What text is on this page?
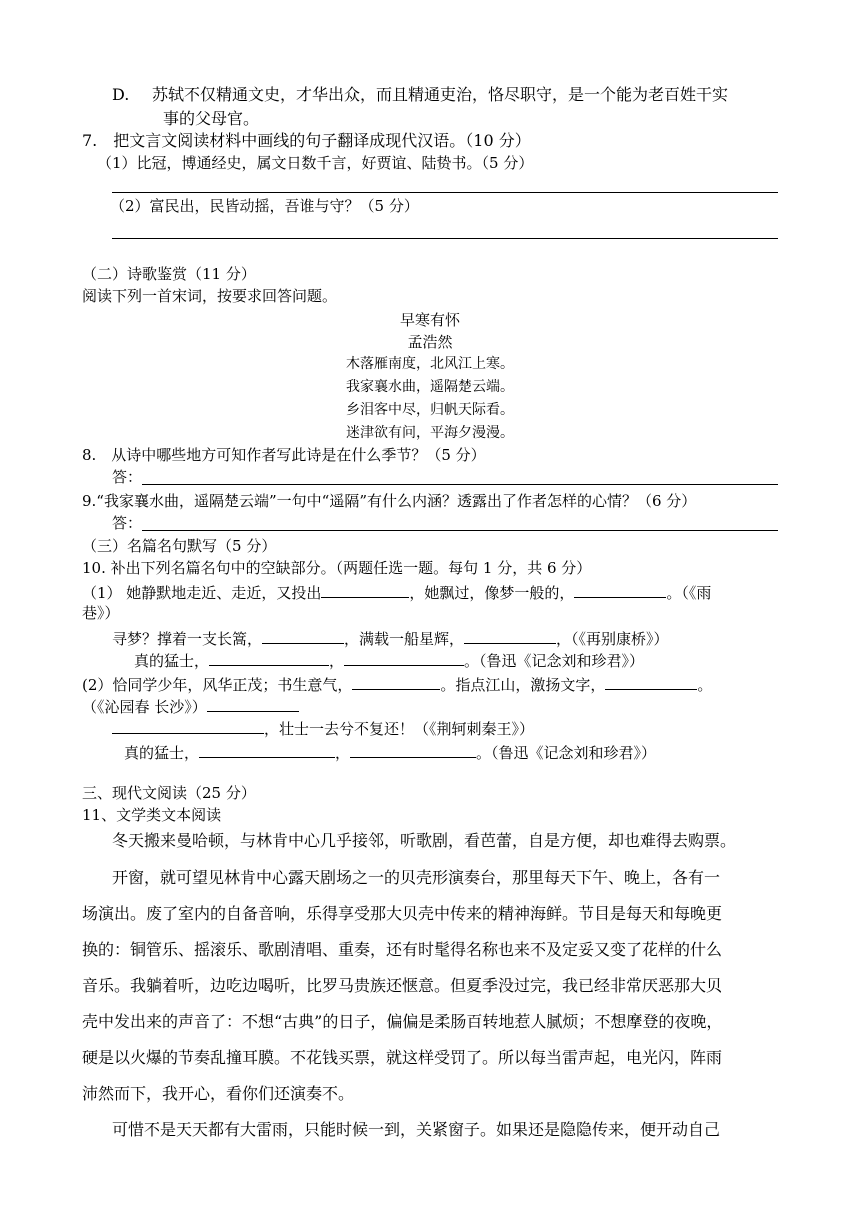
D. 苏轼不仅精通文史，才华出众，而且精通吏治，恪尽职守，是一个能为老百姓干实
事的父母官。
7.　把文言文阅读材料中画线的句子翻译成现代汉语。（10 分）
（1）比冠，博通经史，属文日数千言，好贾谊、陆贽书。（5 分）
（2）富民出，民皆动摇，吾谁与守？（5 分）
（二）诗歌鉴赏（11 分）
阅读下列一首宋词，按要求回答问题。
早寒有怀
孟浩然
木落雁南度，北风江上寒。
我家襄水曲，遥隔楚云端。
乡泪客中尽，归帆天际看。
迷津欲有问，平海夕漫漫。
8.　从诗中哪些地方可知作者写此诗是在什么季节？（5 分）
答：
9.“我家襄水曲，遥隔楚云端”一句中“遥隔”有什么内涵？透露出了作者怎样的心情？（6 分）
答：
（三）名篇名句默写（5 分）
10. 补出下列名篇名句中的空缺部分。（两题任选一题。每句 1 分，共 6 分）
（1） 她静默地走近、走近，又投出	，她飘过，像梦一般的，	。（《雨
巷》）
寻梦？撑着一支长篙，	，满载一船星辉，	，（《再别康桥》）
真的猛士，	，	。（鲁迅《记念刘和珍君》）
(2）恰同学少年，风华正茂；书生意气，	。指点江山，激扬文字，	。
（《沁园春 长沙》）
，壮士一去兮不复还！（《荆轲刺秦王》）
真的猛士，	，	。（鲁迅《记念刘和珍君》）
三、现代文阅读（25 分）
11、文学类文本阅读
冬天搬来曼哈顿，与林肯中心几乎接邻，听歌剧，看芭蕾，自是方便，却也难得去购票。
开窗，就可望见林肯中心露天剧场之一的贝壳形演奏台，那里每天下午、晚上，各有一
场演出。废了室内的自备音响，乐得享受那大贝壳中传来的精神海鲜。节目是每天和每晚更
换的：铜管乐、摇滚乐、歌剧清唱、重奏，还有时髦得名称也来不及定妥又变了花样的什么
音乐。我躺着听，边吃边喝听，比罗马贵族还惬意。但夏季没过完，我已经非常厌恶那大贝
壳中发出来的声音了：不想“古典”的日子，偏偏是柔肠百转地惹人腻烦；不想摩登的夜晚，
硬是以火爆的节奏乱撞耳膜。不花钱买票，就这样受罚了。所以每当雷声起，电光闪，阵雨
沛然而下，我开心，看你们还演奏不。
可惜不是天天都有大雷雨，只能时候一到，关紧窗子。如果还是隐隐传来，便开动自己
